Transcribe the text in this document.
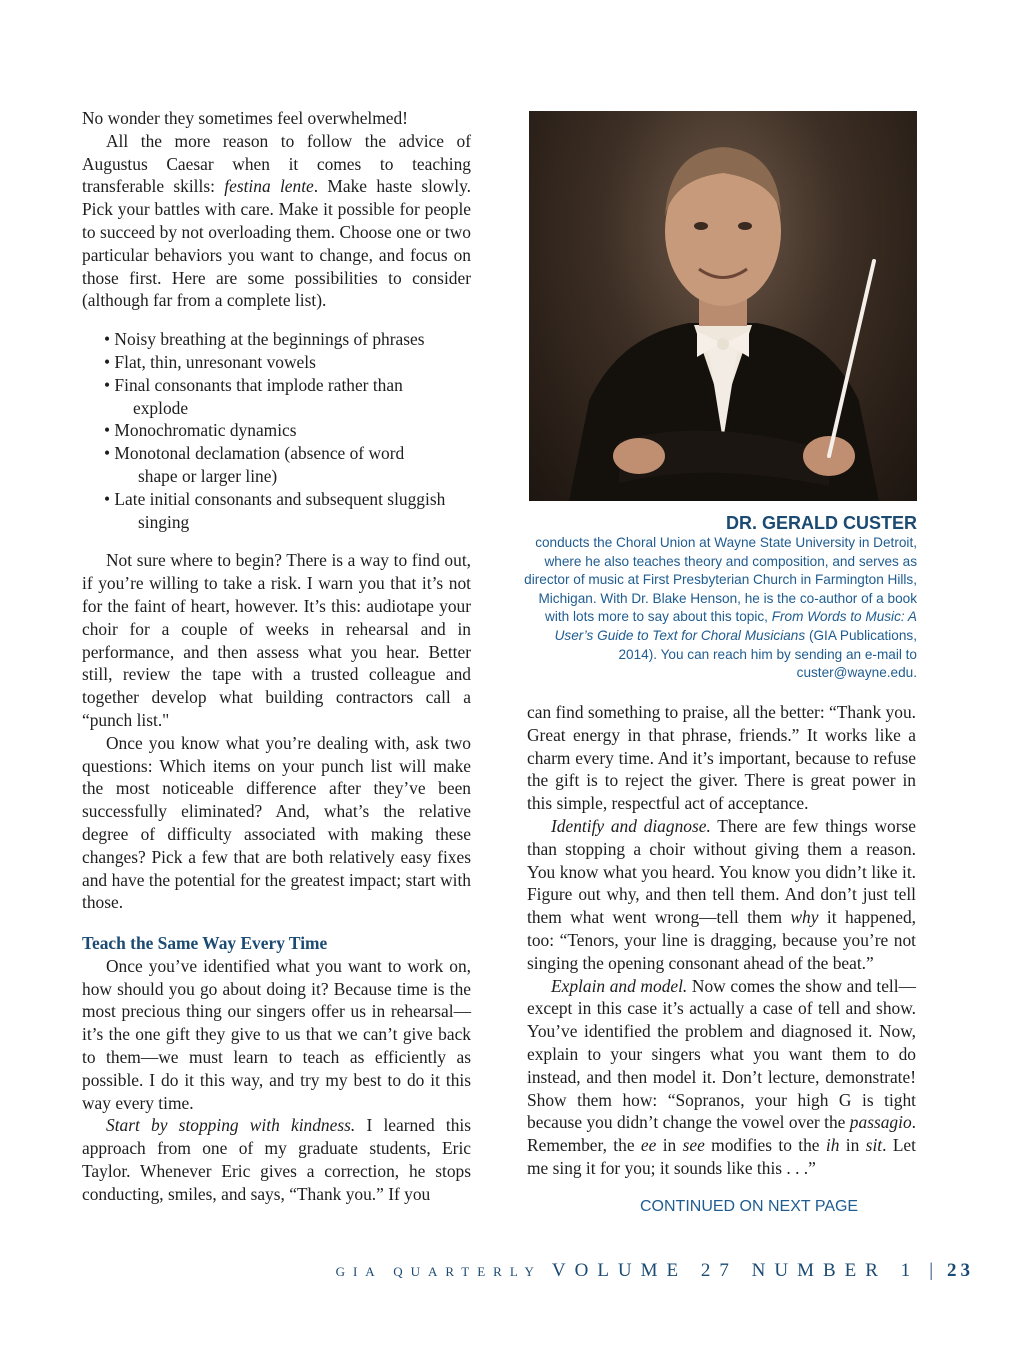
No wonder they sometimes feel overwhelmed!

All the more reason to follow the advice of Augustus Caesar when it comes to teaching transferable skills: festina lente. Make haste slowly. Pick your battles with care. Make it possible for people to succeed by not overloading them. Choose one or two particular behaviors you want to change, and focus on those first. Here are some possibilities to consider (although far from a complete list).

• Noisy breathing at the beginnings of phrases
• Flat, thin, unresonant vowels
• Final consonants that implode rather than
explode
• Monochromatic dynamics
• Monotonal declamation (absence of word
shape or larger line)
• Late initial consonants and subsequent sluggish
singing

Not sure where to begin? There is a way to find out, if you’re willing to take a risk. I warn you that it’s not for the faint of heart, however. It’s this: audiotape your choir for a couple of weeks in rehearsal and in performance, and then assess what you hear. Better still, review the tape with a trusted colleague and together develop what building contractors call a “punch list."

Once you know what you’re dealing with, ask two questions: Which items on your punch list will make the most noticeable difference after they’ve been successfully eliminated? And, what’s the relative degree of difficulty associated with making these changes? Pick a few that are both relatively easy fixes and have the potential for the greatest impact; start with those.

Teach the Same Way Every Time

Once you’ve identified what you want to work on, how should you go about doing it? Because time is the most precious thing our singers offer us in rehearsal—it’s the one gift they give to us that we can’t give back to them—we must learn to teach as efficiently as possible. I do it this way, and try my best to do it this way every time.

Start by stopping with kindness. I learned this approach from one of my graduate students, Eric Taylor. Whenever Eric gives a correction, he stops conducting, smiles, and says, “Thank you.” If you

DR. GERALD CUSTER
conducts the Choral Union at Wayne State University in Detroit, where he also teaches theory and composition, and serves as director of music at First Presbyterian Church in Farmington Hills, Michigan. With Dr. Blake Henson, he is the co-author of a book with lots more to say about this topic, From Words to Music: A User’s Guide to Text for Choral Musicians (GIA Publications, 2014). You can reach him by sending an e-mail to custer@wayne.edu.

can find something to praise, all the better: “Thank you. Great energy in that phrase, friends.” It works like a charm every time. And it’s important, because to refuse the gift is to reject the giver. There is great power in this simple, respectful act of acceptance.

Identify and diagnose. There are few things worse than stopping a choir without giving them a reason. You know what you heard. You know you didn’t like it. Figure out why, and then tell them. And don’t just tell them what went wrong—tell them why it happened, too: “Tenors, your line is dragging, because you’re not singing the opening consonant ahead of the beat.”

Explain and model. Now comes the show and tell—except in this case it’s actually a case of tell and show. You’ve identified the problem and diagnosed it. Now, explain to your singers what you want them to do instead, and then model it. Don’t lecture, demonstrate! Show them how: “Sopranos, your high G is tight because you didn’t change the vowel over the passagio. Remember, the ee in see modifies to the ih in sit. Let me sing it for you; it sounds like this . . .”

CONTINUED ON NEXT PAGE
GIA QUARTERLY VOLUME 27 NUMBER 1 | 23
